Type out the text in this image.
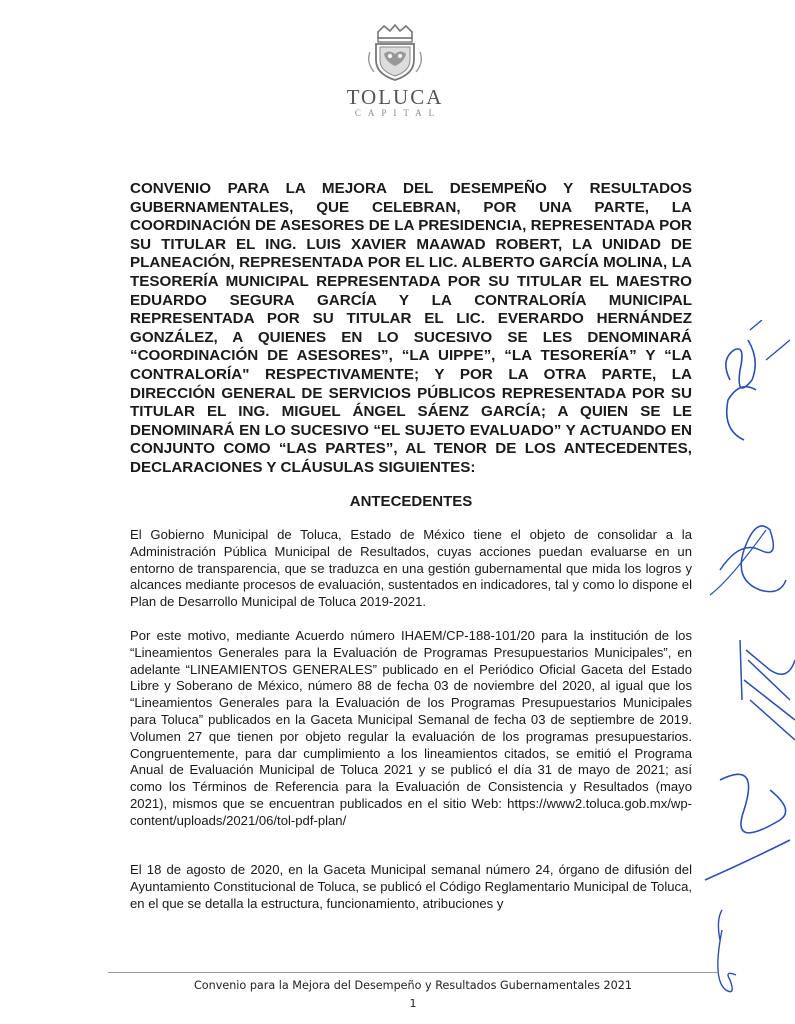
TOLUCA
CAPITAL
CONVENIO PARA LA MEJORA DEL DESEMPEÑO Y RESULTADOS GUBERNAMENTALES, QUE CELEBRAN, POR UNA PARTE, LA COORDINACIÓN DE ASESORES DE LA PRESIDENCIA, REPRESENTADA POR SU TITULAR EL ING. LUIS XAVIER MAAWAD ROBERT, LA UNIDAD DE PLANEACIÓN, REPRESENTADA POR EL LIC. ALBERTO GARCÍA MOLINA, LA TESORERÍA MUNICIPAL REPRESENTADA POR SU TITULAR EL MAESTRO EDUARDO SEGURA GARCÍA Y LA CONTRALORÍA MUNICIPAL REPRESENTADA POR SU TITULAR EL LIC. EVERARDO HERNÁNDEZ GONZÁLEZ, A QUIENES EN LO SUCESIVO SE LES DENOMINARÁ “COORDINACIÓN DE ASESORES”, “LA UIPPE”, “LA TESORERÍA” Y “LA CONTRALORÍA" RESPECTIVAMENTE; Y POR LA OTRA PARTE, LA DIRECCIÓN GENERAL DE SERVICIOS PÚBLICOS REPRESENTADA POR SU TITULAR EL ING. MIGUEL ÁNGEL SÁENZ GARCÍA; A QUIEN SE LE DENOMINARÁ EN LO SUCESIVO “EL SUJETO EVALUADO” Y ACTUANDO EN CONJUNTO COMO “LAS PARTES”, AL TENOR DE LOS ANTECEDENTES, DECLARACIONES Y CLÁUSULAS SIGUIENTES:
ANTECEDENTES
El Gobierno Municipal de Toluca, Estado de México tiene el objeto de consolidar a la Administración Pública Municipal de Resultados, cuyas acciones puedan evaluarse en un entorno de transparencia, que se traduzca en una gestión gubernamental que mida los logros y alcances mediante procesos de evaluación, sustentados en indicadores, tal y como lo dispone el Plan de Desarrollo Municipal de Toluca 2019-2021.
Por este motivo, mediante Acuerdo número IHAEM/CP-188-101/20 para la institución de los “Lineamientos Generales para la Evaluación de Programas Presupuestarios Municipales”, en adelante “LINEAMIENTOS GENERALES” publicado en el Periódico Oficial Gaceta del Estado Libre y Soberano de México, número 88 de fecha 03 de noviembre del 2020, al igual que los “Lineamientos Generales para la Evaluación de los Programas Presupuestarios Municipales para Toluca” publicados en la Gaceta Municipal Semanal de fecha 03 de septiembre de 2019. Volumen 27 que tienen por objeto regular la evaluación de los programas presupuestarios. Congruentemente, para dar cumplimiento a los lineamientos citados, se emitió el Programa Anual de Evaluación Municipal de Toluca 2021 y se publicó el día 31 de mayo de 2021; así como los Términos de Referencia para la Evaluación de Consistencia y Resultados (mayo 2021), mismos que se encuentran publicados en el sitio Web: https://www2.toluca.gob.mx/wp-content/uploads/2021/06/tol-pdf-plan/
El 18 de agosto de 2020, en la Gaceta Municipal semanal número 24, órgano de difusión del Ayuntamiento Constitucional de Toluca, se publicó el Código Reglamentario Municipal de Toluca, en el que se detalla la estructura, funcionamiento, atribuciones y
Convenio para la Mejora del Desempeño y Resultados Gubernamentales 2021
1
